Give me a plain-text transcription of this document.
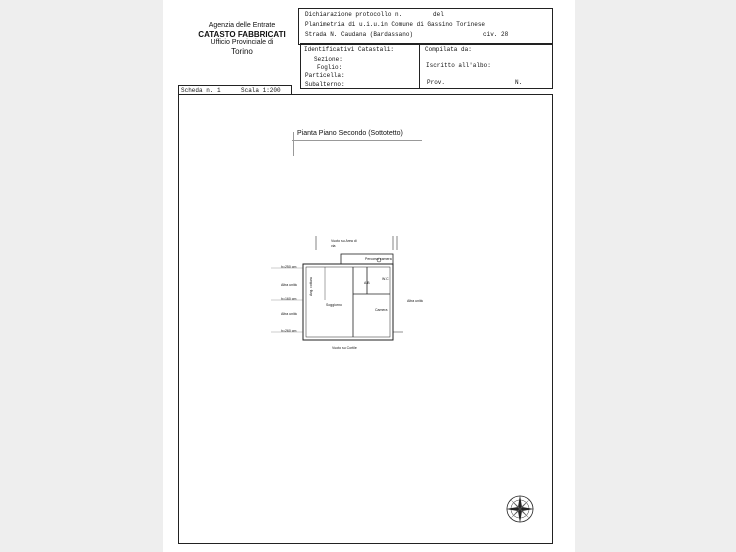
Agenzia delle Entrate
CATASTO FABBRICATI
Ufficio Provinciale di
Torino
Dichiarazione protocollo n.	del
Planimetria di u.i.u.in Comune di Gassino Torinese
Strada N. Caudana (Bardassano)	civ. 28
Identificativi Catastali:
Sezione:
Foglio:
Particella:
Subalterno:
Compilata da:
Iscritto all'albo:
Prov.	N.
Scheda n. 1	Scala 1:200
Pianta Piano Secondo (Sottotetto)
Vuoto su Area di
via
Percorso camera
Altra unità
Altra unità
Altra unità
Ang. cottura	A.B
W.C
Soggiorno
Camera
Vuoto su Cortile
h=250 cm
h=160 cm
h=260 cm
